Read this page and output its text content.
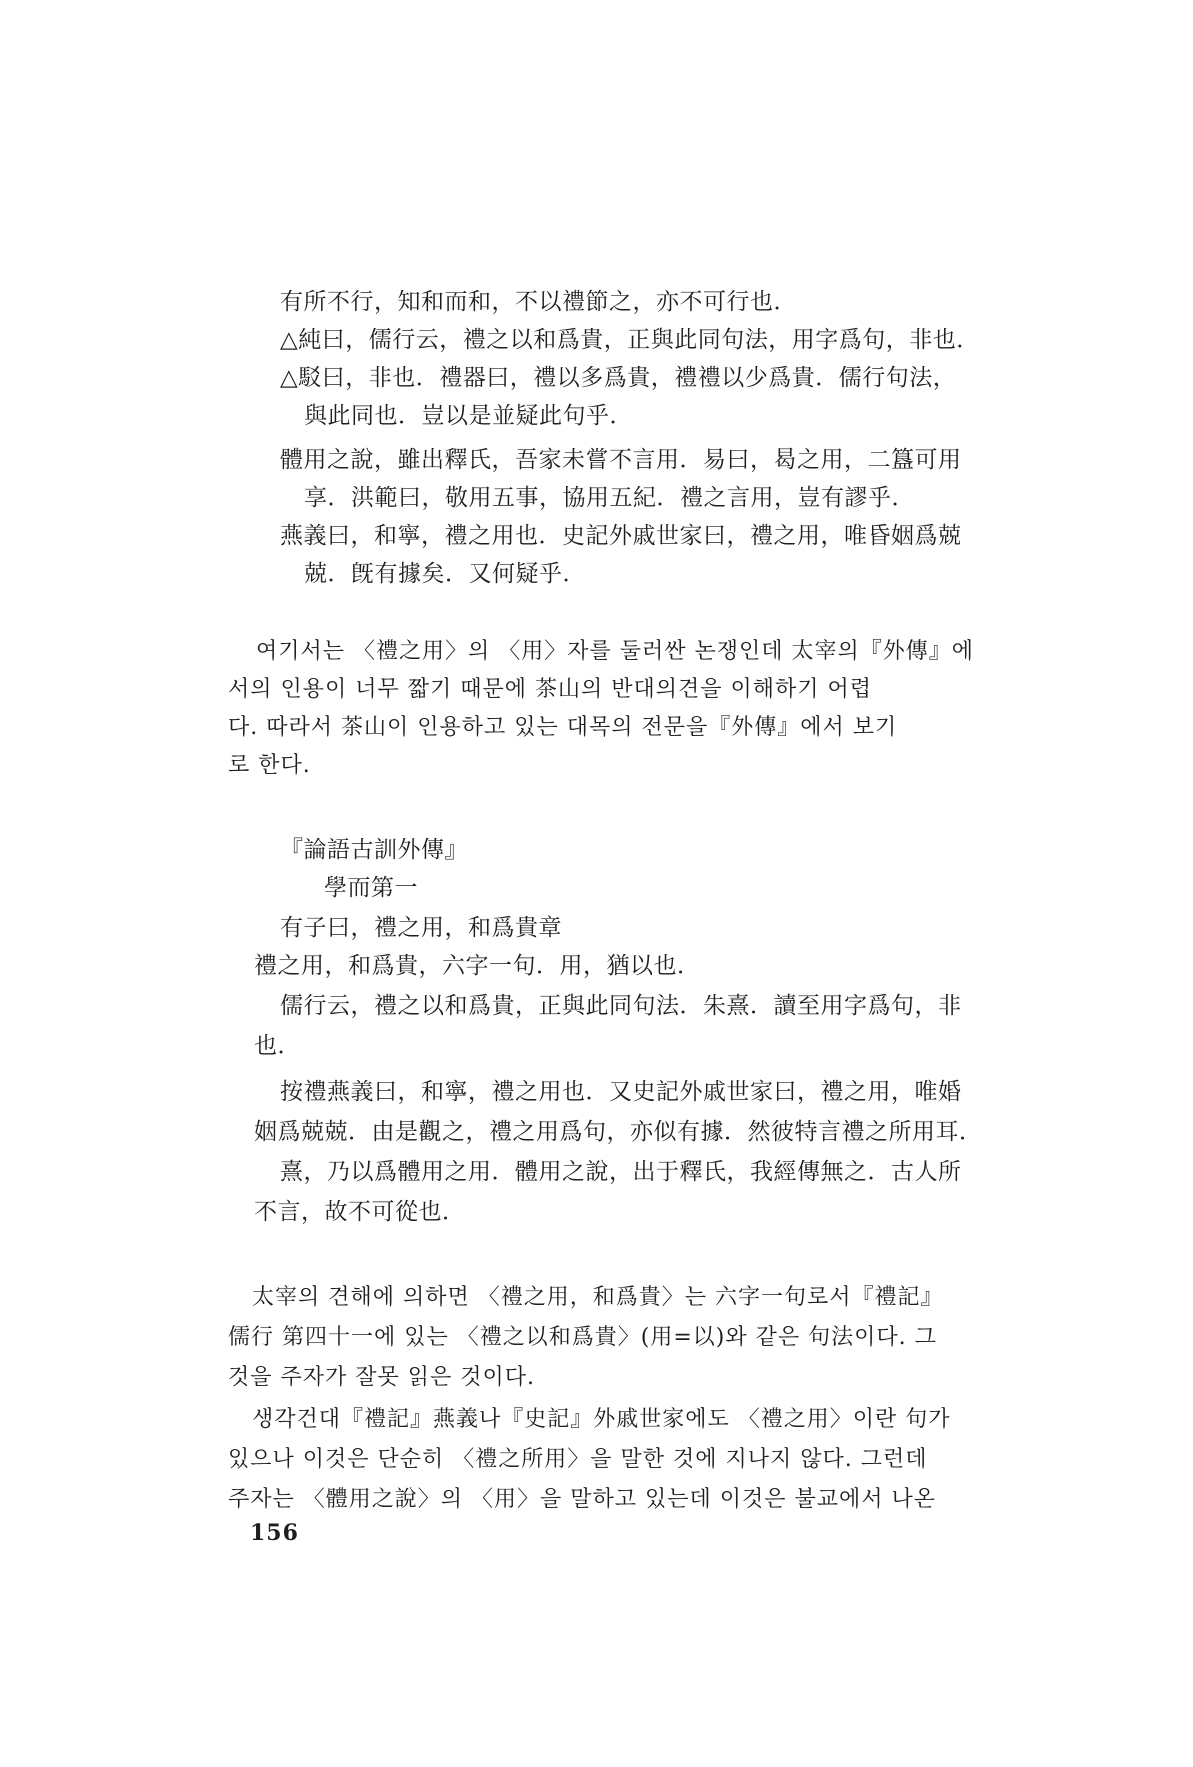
有所不行，知和而和，不以禮節之，亦不可行也．
△純曰，儒行云，禮之以和爲貴，正與此同句法，用字爲句，非也．
△駁曰，非也．禮器曰，禮以多爲貴，禮禮以少爲貴．儒行句法，
與此同也．豈以是並疑此句乎．
體用之說，雖出釋氏，吾家未嘗不言用．易曰，曷之用，二簋可用
享．洪範曰，敬用五事，協用五紀．禮之言用，豈有謬乎．
燕義曰，和寧，禮之用也．史記外戚世家曰，禮之用，唯昏姻爲兢
兢．旣有據矣．又何疑乎．
여기서는 〈禮之用〉의 〈用〉자를 둘러싼 논쟁인데 太宰의『外傳』에
서의 인용이 너무 짧기 때문에 茶山의 반대의견을 이해하기 어렵
다. 따라서 茶山이 인용하고 있는 대목의 전문을『外傳』에서 보기
로 한다.
『論語古訓外傳』
學而第一
有子曰，禮之用，和爲貴章
禮之用，和爲貴，六字一句．用，猶以也．
儒行云，禮之以和爲貴，正與此同句法．朱熹．讀至用字爲句，非
也．
按禮燕義曰，和寧，禮之用也．又史記外戚世家曰，禮之用，唯婚
姻爲兢兢．由是觀之，禮之用爲句，亦似有據．然彼特言禮之所用耳．
熹，乃以爲體用之用．體用之說，出于釋氏，我經傳無之．古人所
不言，故不可從也．
太宰의 견해에 의하면 〈禮之用，和爲貴〉는 六字一句로서『禮記』
儒行 第四十一에 있는 〈禮之以和爲貴〉(用=以)와 같은 句法이다. 그
것을 주자가 잘못 읽은 것이다.
생각건대『禮記』燕義나『史記』外戚世家에도 〈禮之用〉이란 句가
있으나 이것은 단순히 〈禮之所用〉을 말한 것에 지나지 않다. 그런데
주자는 〈體用之說〉의 〈用〉을 말하고 있는데 이것은 불교에서 나온
156
